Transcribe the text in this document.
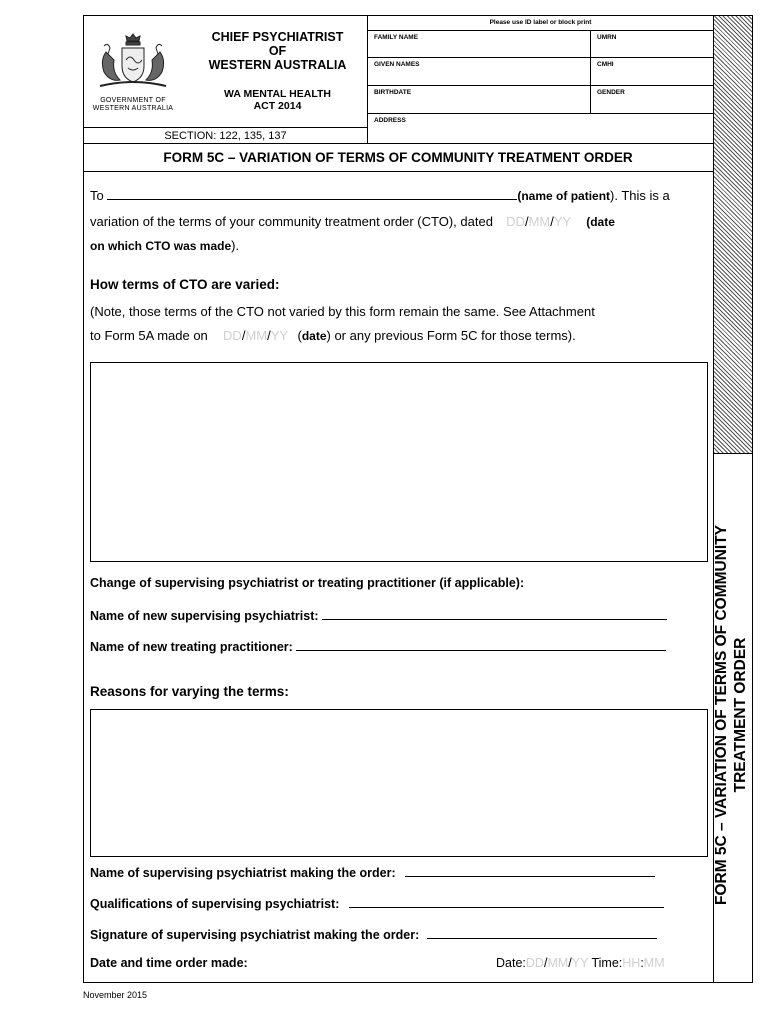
FORM 5C – VARIATION OF TERMS OF COMMUNITY TREATMENT ORDER
GOVERNMENT OF
WESTERN AUSTRALIA
CHIEF PSYCHIATRIST
OF
WESTERN AUSTRALIA
WA MENTAL HEALTH
ACT 2014
SECTION: 122, 135, 137
Please use ID label or block print
FAMILY NAME	UMRN
GIVEN NAMES	CMHI
BIRTHDATE	GENDER
ADDRESS
FORM 5C – VARIATION OF TERMS OF COMMUNITY TREATMENT ORDER
To	(name of patient). This is a
variation of the terms of your community treatment order (CTO), dated DD/MM/YY (date
on which CTO was made).
How terms of CTO are varied:
(Note, those terms of the CTO not varied by this form remain the same. See Attachment
to Form 5A made on DD/MM/YY (date) or any previous Form 5C for those terms).
Change of supervising psychiatrist or treating practitioner (if applicable):
Name of new supervising psychiatrist:
Name of new treating practitioner:
Reasons for varying the terms:
Name of supervising psychiatrist making the order:
Qualifications of supervising psychiatrist:
Signature of supervising psychiatrist making the order:
Date and time order made:	Date:DD/MM/YY Time:HH:MM
November 2015
